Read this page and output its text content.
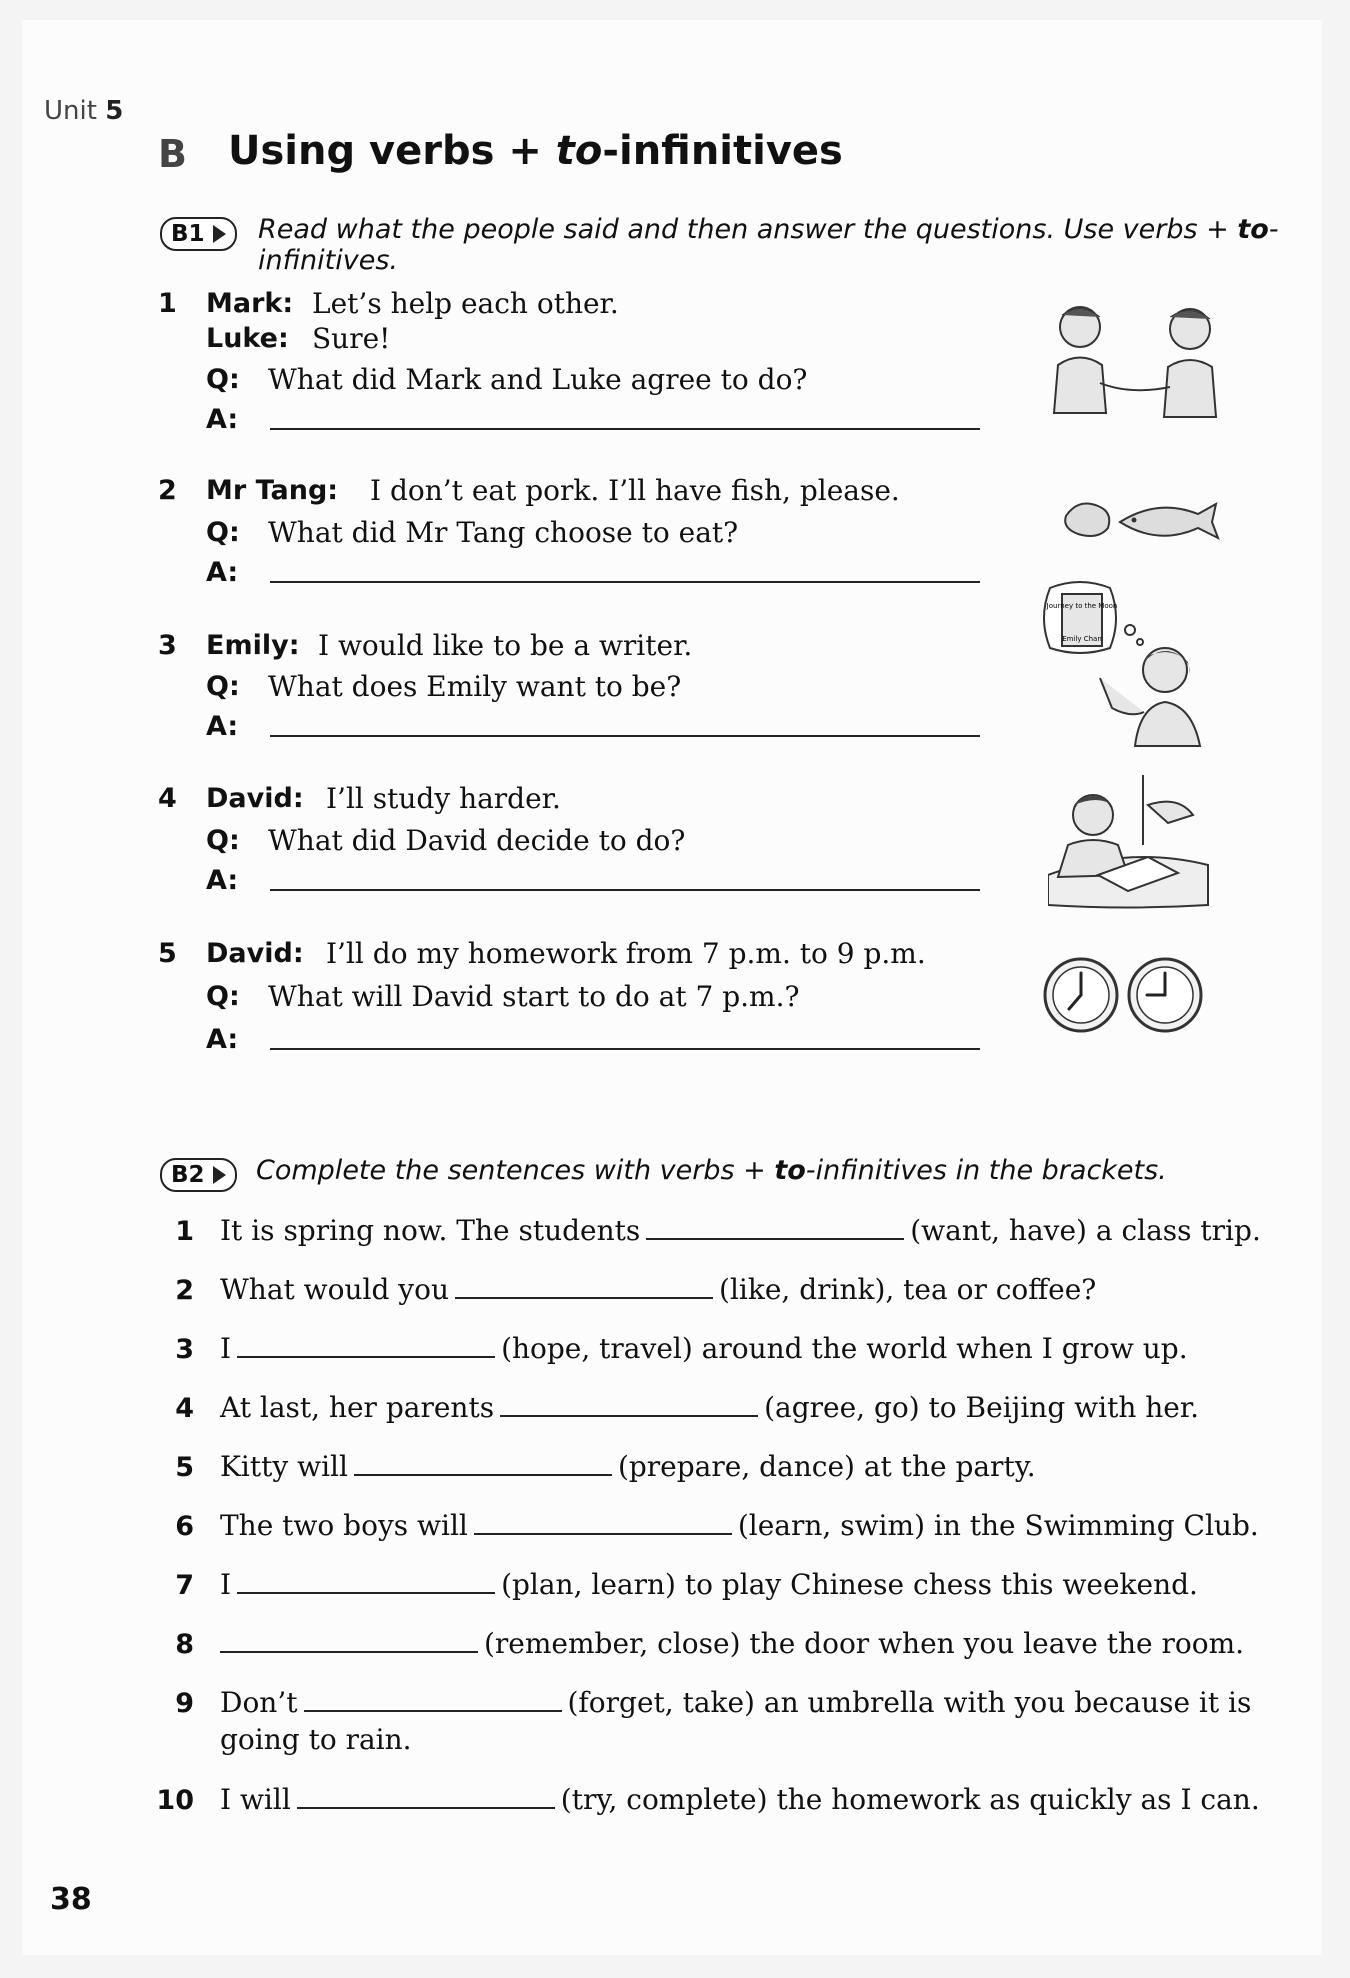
Unit 5
B Using verbs + to-infinitives
B1	Read what the people said and then answer the questions. Use verbs + to-infinitives.
1 Mark: Let’s help each other.
Luke: Sure!
Q: What did Mark and Luke agree to do?
A:
2 Mr Tang: I don’t eat pork. I’ll have fish, please.
Q: What did Mr Tang choose to eat?
A:
3 Emily: I would like to be a writer.
Q: What does Emily want to be?
A:
4 David: I’ll study harder.
Q: What did David decide to do?
A:
5 David: I’ll do my homework from 7 p.m. to 9 p.m.
Q: What will David start to do at 7 p.m.?
A:
Journey to the Moon
Emily Chan
B2	Complete the sentences with verbs + to-infinitives in the brackets.
1 It is spring now. The students	(want, have) a class trip.
2 What would you	(like, drink), tea or coffee?
3 I	(hope, travel) around the world when I grow up.
4 At last, her parents	(agree, go) to Beijing with her.
5 Kitty will	(prepare, dance) at the party.
6 The two boys will	(learn, swim) in the Swimming Club.
7 I	(plan, learn) to play Chinese chess this weekend.
8	(remember, close) the door when you leave the room.
9 Don’t	(forget, take) an umbrella with you because it is
going to rain.
10 I will	(try, complete) the homework as quickly as I can.
38
